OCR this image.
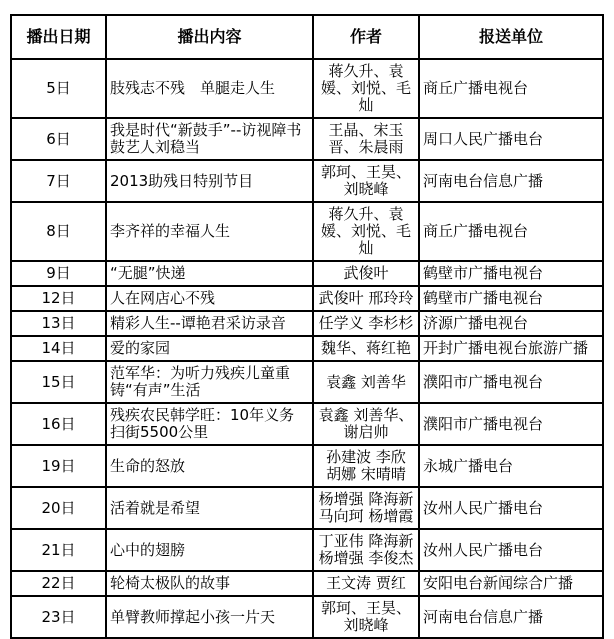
播出日期	播出内容	作者	报送单位
5日	肢残志不残　单腿走人生	蒋久升、袁媛、刘悦、毛灿	商丘广播电视台
6日	我是时代“新鼓手”--访视障书鼓艺人刘稳当	王晶、宋玉晋、朱晨雨	周口人民广播电台
7日	2013助残日特别节目	郭珂、王昊、刘晓峰	河南电台信息广播
8日	李齐祥的幸福人生	蒋久升、袁媛、刘悦、毛灿	商丘广播电视台
9日	“无腿”快递	武俊叶	鹤壁市广播电视台
12日	人在网店心不残	武俊叶 邢玲玲	鹤壁市广播电视台
13日	精彩人生--谭艳君采访录音	任学义 李杉杉	济源广播电视台
14日	爱的家园	魏华、蒋红艳	开封广播电视台旅游广播
15日	范军华：为听力残疾儿童重铸“有声”生活	袁鑫 刘善华	濮阳市广播电视台
16日	残疾农民韩学旺：10年义务扫街5500公里	袁鑫 刘善华、谢启帅	濮阳市广播电视台
19日	生命的怒放	孙建波 李欣 胡娜 宋晴晴	永城广播电台
20日	活着就是希望	杨增强 降海新 马向珂 杨增霞	汝州人民广播电台
21日	心中的翅膀	丁亚伟 降海新 杨增强 李俊杰	汝州人民广播电台
22日	轮椅太极队的故事	王文涛 贾红	安阳电台新闻综合广播
23日	单臂教师撑起小孩一片天	郭珂、王昊、刘晓峰	河南电台信息广播
